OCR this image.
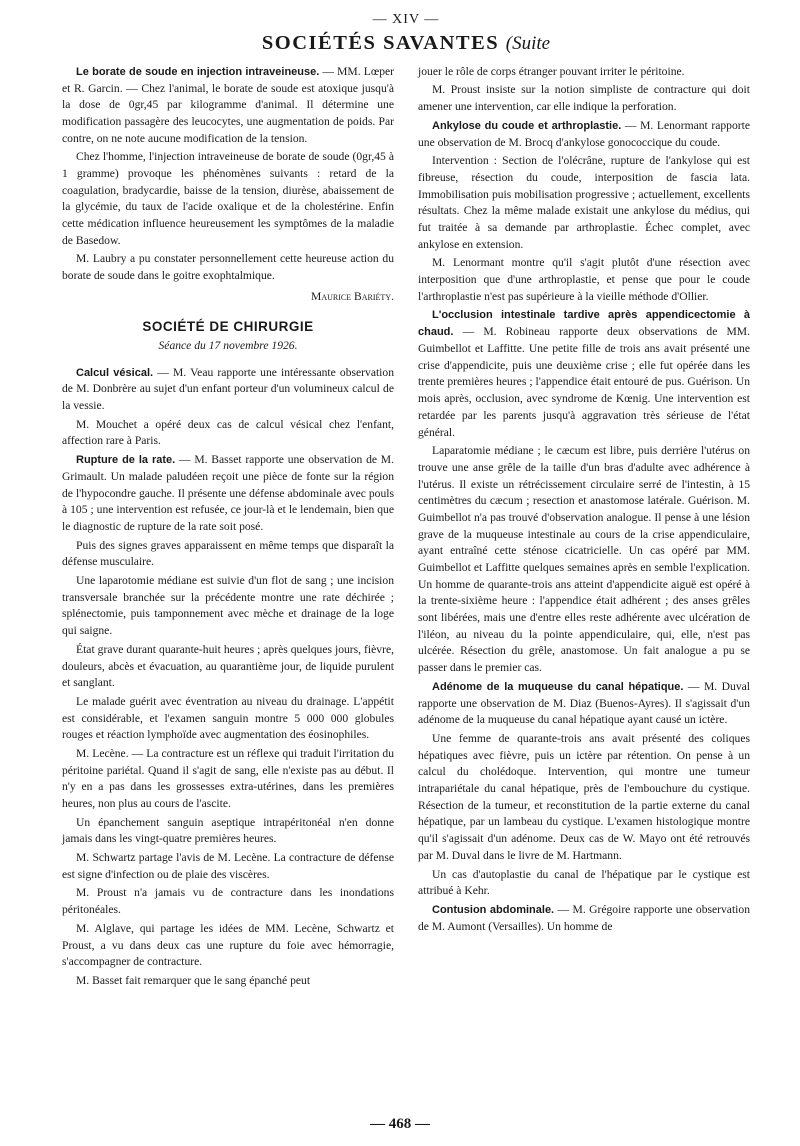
— XIV —
SOCIÉTÉS SAVANTES (Suite

Le borate de soude en injection intraveineuse. — MM. Lœper et R. Garcin. — Chez l'animal, le borate de soude est atoxique jusqu'à la dose de 0gr,45 par kilogramme d'animal. Il détermine une modification passagère des leucocytes, une augmentation de poids. Par contre, on ne note aucune modification de la tension.

Chez l'homme, l'injection intraveineuse de borate de soude (0gr,45 à 1 gramme) provoque les phénomènes suivants : retard de la coagulation, bradycardie, baisse de la tension, diurèse, abaissement de la glycémie, du taux de l'acide oxalique et de la cholestérine. Enfin cette médication influence heureusement les symptômes de la maladie de Basedow.

M. Laubry a pu constater personnellement cette heureuse action du borate de soude dans le goitre exophtalmique.

Maurice Bariéty.
SOCIÉTÉ DE CHIRURGIE
Séance du 17 novembre 1926.

Calcul vésical. — M. Veau rapporte une intéressante observation de M. Donbrère au sujet d'un enfant porteur d'un volumineux calcul de la vessie.

M. Mouchet a opéré deux cas de calcul vésical chez l'enfant, affection rare à Paris.

Rupture de la rate. — M. Basset rapporte une observation de M. Grimault. Un malade paludéen reçoit une pièce de fonte sur la région de l'hypocondre gauche. Il présente une défense abdominale avec pouls à 105 ; une intervention est refusée, ce jour-là et le lendemain, bien que le diagnostic de rupture de la rate soit posé.

Puis des signes graves apparaissent en même temps que disparaît la défense musculaire.

Une laparotomie médiane est suivie d'un flot de sang ; une incision transversale branchée sur la précédente montre une rate déchirée ; splénectomie, puis tamponnement avec mèche et drainage de la loge qui saigne.

État grave durant quarante-huit heures ; après quelques jours, fièvre, douleurs, abcès et évacuation, au quarantième jour, de liquide purulent et sanglant.

Le malade guérit avec éventration au niveau du drainage. L'appétit est considérable, et l'examen sanguin montre 5 000 000 globules rouges et réaction lymphoïde avec augmentation des éosinophiles.

M. Lecène. — La contracture est un réflexe qui traduit l'irritation du péritoine pariétal. Quand il s'agit de sang, elle n'existe pas au début. Il n'y en a pas dans les grossesses extra-utérines, dans les premières heures, non plus au cours de l'ascite.

Un épanchement sanguin aseptique intrapéritonéal n'en donne jamais dans les vingt-quatre premières heures.

M. Schwartz partage l'avis de M. Lecène. La contracture de défense est signe d'infection ou de plaie des viscères.

M. Proust n'a jamais vu de contracture dans les inondations péritonéales.

M. Alglave, qui partage les idées de MM. Lecène, Schwartz et Proust, a vu dans deux cas une rupture du foie avec hémorragie, s'accompagner de contracture.

M. Basset fait remarquer que le sang épanché peut

jouer le rôle de corps étranger pouvant irriter le péritoine.

M. Proust insiste sur la notion simpliste de contracture qui doit amener une intervention, car elle indique la perforation.

Ankylose du coude et arthroplastie. — M. Lenormant rapporte une observation de M. Brocq d'ankylose gonococcique du coude.

Intervention : Section de l'olécrâne, rupture de l'ankylose qui est fibreuse, résection du coude, interposition de fascia lata. Immobilisation puis mobilisation progressive ; actuellement, excellents résultats. Chez la même malade existait une ankylose du médius, qui fut traitée à sa demande par arthroplastie. Échec complet, avec ankylose en extension.

M. Lenormant montre qu'il s'agit plutôt d'une résection avec interposition que d'une arthroplastie, et pense que pour le coude l'arthroplastie n'est pas supérieure à la vieille méthode d'Ollier.

L'occlusion intestinale tardive après appendicectomie à chaud. — M. Robineau rapporte deux observations de MM. Guimbellot et Laffitte. Une petite fille de trois ans avait présenté une crise d'appendicite, puis une deuxième crise ; elle fut opérée dans les trente premières heures ; l'appendice était entouré de pus. Guérison. Un mois après, occlusion, avec syndrome de Kœnig. Une intervention est retardée par les parents jusqu'à aggravation très sérieuse de l'état général.

Laparatomie médiane ; le cæcum est libre, puis derrière l'utérus on trouve une anse grêle de la taille d'un bras d'adulte avec adhérence à l'utérus. Il existe un rétrécissement circulaire serré de l'intestin, à 15 centimètres du cæcum ; resection et anastomose latérale. Guérison. M. Guimbellot n'a pas trouvé d'observation analogue. Il pense à une lésion grave de la muqueuse intestinale au cours de la crise appendiculaire, ayant entraîné cette sténose cicatricielle. Un cas opéré par MM. Guimbellot et Laffitte quelques semaines après en semble l'explication. Un homme de quarante-trois ans atteint d'appendicite aiguë est opéré à la trente-sixième heure : l'appendice était adhérent ; des anses grêles sont libérées, mais une d'entre elles reste adhérente avec ulcération de l'iléon, au niveau du la pointe appendiculaire, qui, elle, n'est pas ulcérée. Résection du grêle, anastomose. Un fait analogue a pu se passer dans le premier cas.

Adénome de la muqueuse du canal hépatique. — M. Duval rapporte une observation de M. Diaz (Buenos-Ayres). Il s'agissait d'un adénome de la muqueuse du canal hépatique ayant causé un ictère.

Une femme de quarante-trois ans avait présenté des coliques hépatiques avec fièvre, puis un ictère par rétention. On pense à un calcul du cholédoque. Intervention, qui montre une tumeur intrapariétale du canal hépatique, près de l'embouchure du cystique. Résection de la tumeur, et reconstitution de la partie externe du canal hépatique, par un lambeau du cystique. L'examen histologique montre qu'il s'agissait d'un adénome. Deux cas de W. Mayo ont été retrouvés par M. Duval dans le livre de M. Hartmann.

Un cas d'autoplastie du canal de l'hépatique par le cystique est attribué à Kehr.

Contusion abdominale. — M. Grégoire rapporte une observation de M. Aumont (Versailles). Un homme de

— 468 —
